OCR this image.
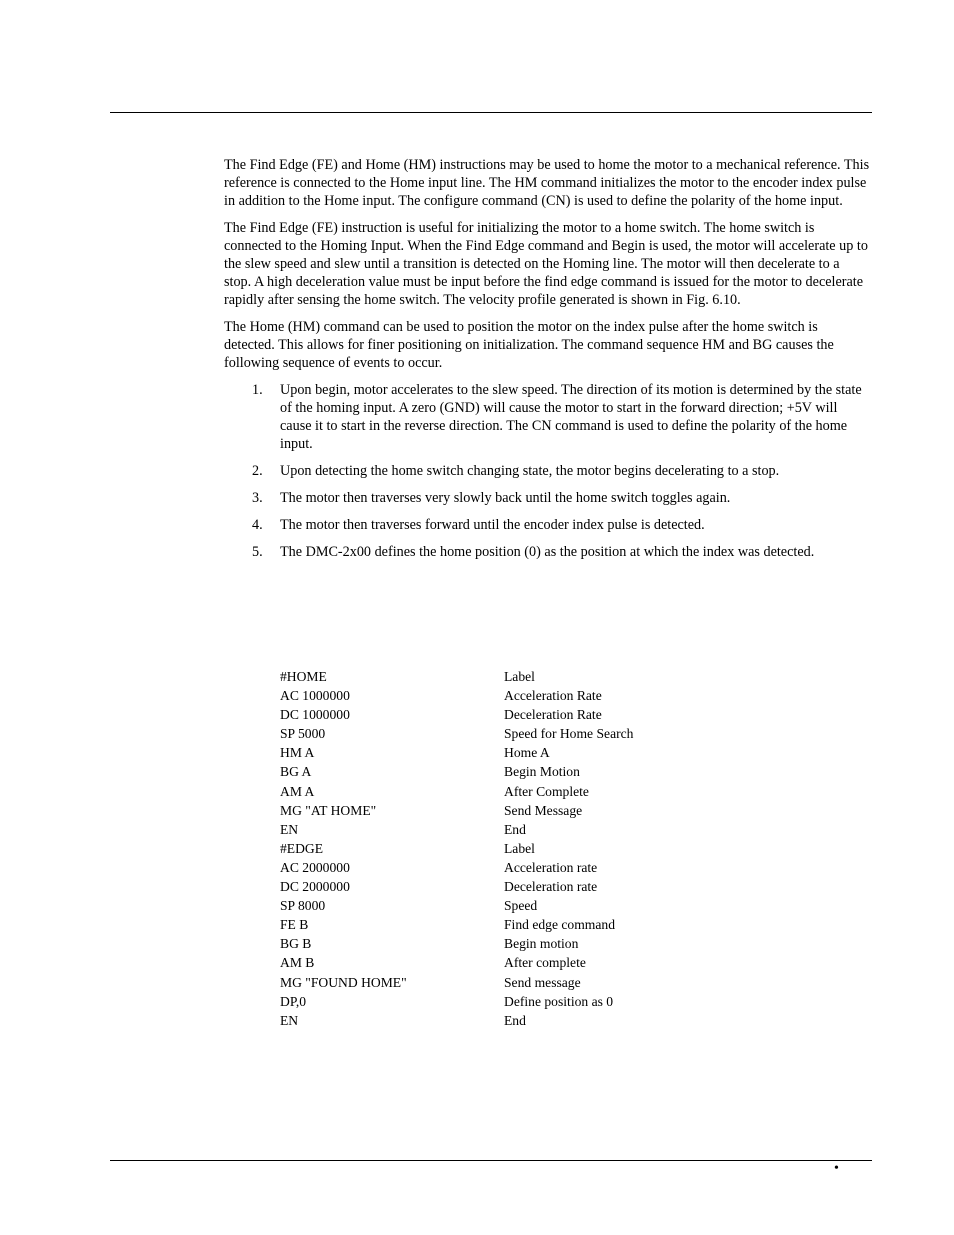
The Find Edge (FE) and Home (HM) instructions may be used to home the motor to a mechanical reference. This reference is connected to the Home input line. The HM command initializes the motor to the encoder index pulse in addition to the Home input. The configure command (CN) is used to define the polarity of the home input.

The Find Edge (FE) instruction is useful for initializing the motor to a home switch. The home switch is connected to the Homing Input. When the Find Edge command and Begin is used, the motor will accelerate up to the slew speed and slew until a transition is detected on the Homing line. The motor will then decelerate to a stop. A high deceleration value must be input before the find edge command is issued for the motor to decelerate rapidly after sensing the home switch. The velocity profile generated is shown in Fig. 6.10.

The Home (HM) command can be used to position the motor on the index pulse after the home switch is detected. This allows for finer positioning on initialization. The command sequence HM and BG causes the following sequence of events to occur.

1. Upon begin, motor accelerates to the slew speed. The direction of its motion is determined by the state of the homing input. A zero (GND) will cause the motor to start in the forward direction; +5V will cause it to start in the reverse direction. The CN command is used to define the polarity of the home input.
2. Upon detecting the home switch changing state, the motor begins decelerating to a stop.
3. The motor then traverses very slowly back until the home switch toggles again.
4. The motor then traverses forward until the encoder index pulse is detected.
5. The DMC-2x00 defines the home position (0) as the position at which the index was detected.
#HOME	Label
AC 1000000	Acceleration Rate
DC 1000000	Deceleration Rate
SP 5000	Speed for Home Search
HM A	Home A
BG A	Begin Motion
AM A	After Complete
MG "AT HOME"	Send Message
EN	End
#EDGE	Label
AC 2000000	Acceleration rate
DC 2000000	Deceleration rate
SP 8000	Speed
FE B	Find edge command
BG B	Begin motion
AM B	After complete
MG "FOUND HOME"	Send message
DP,0	Define position as 0
EN	End
•
